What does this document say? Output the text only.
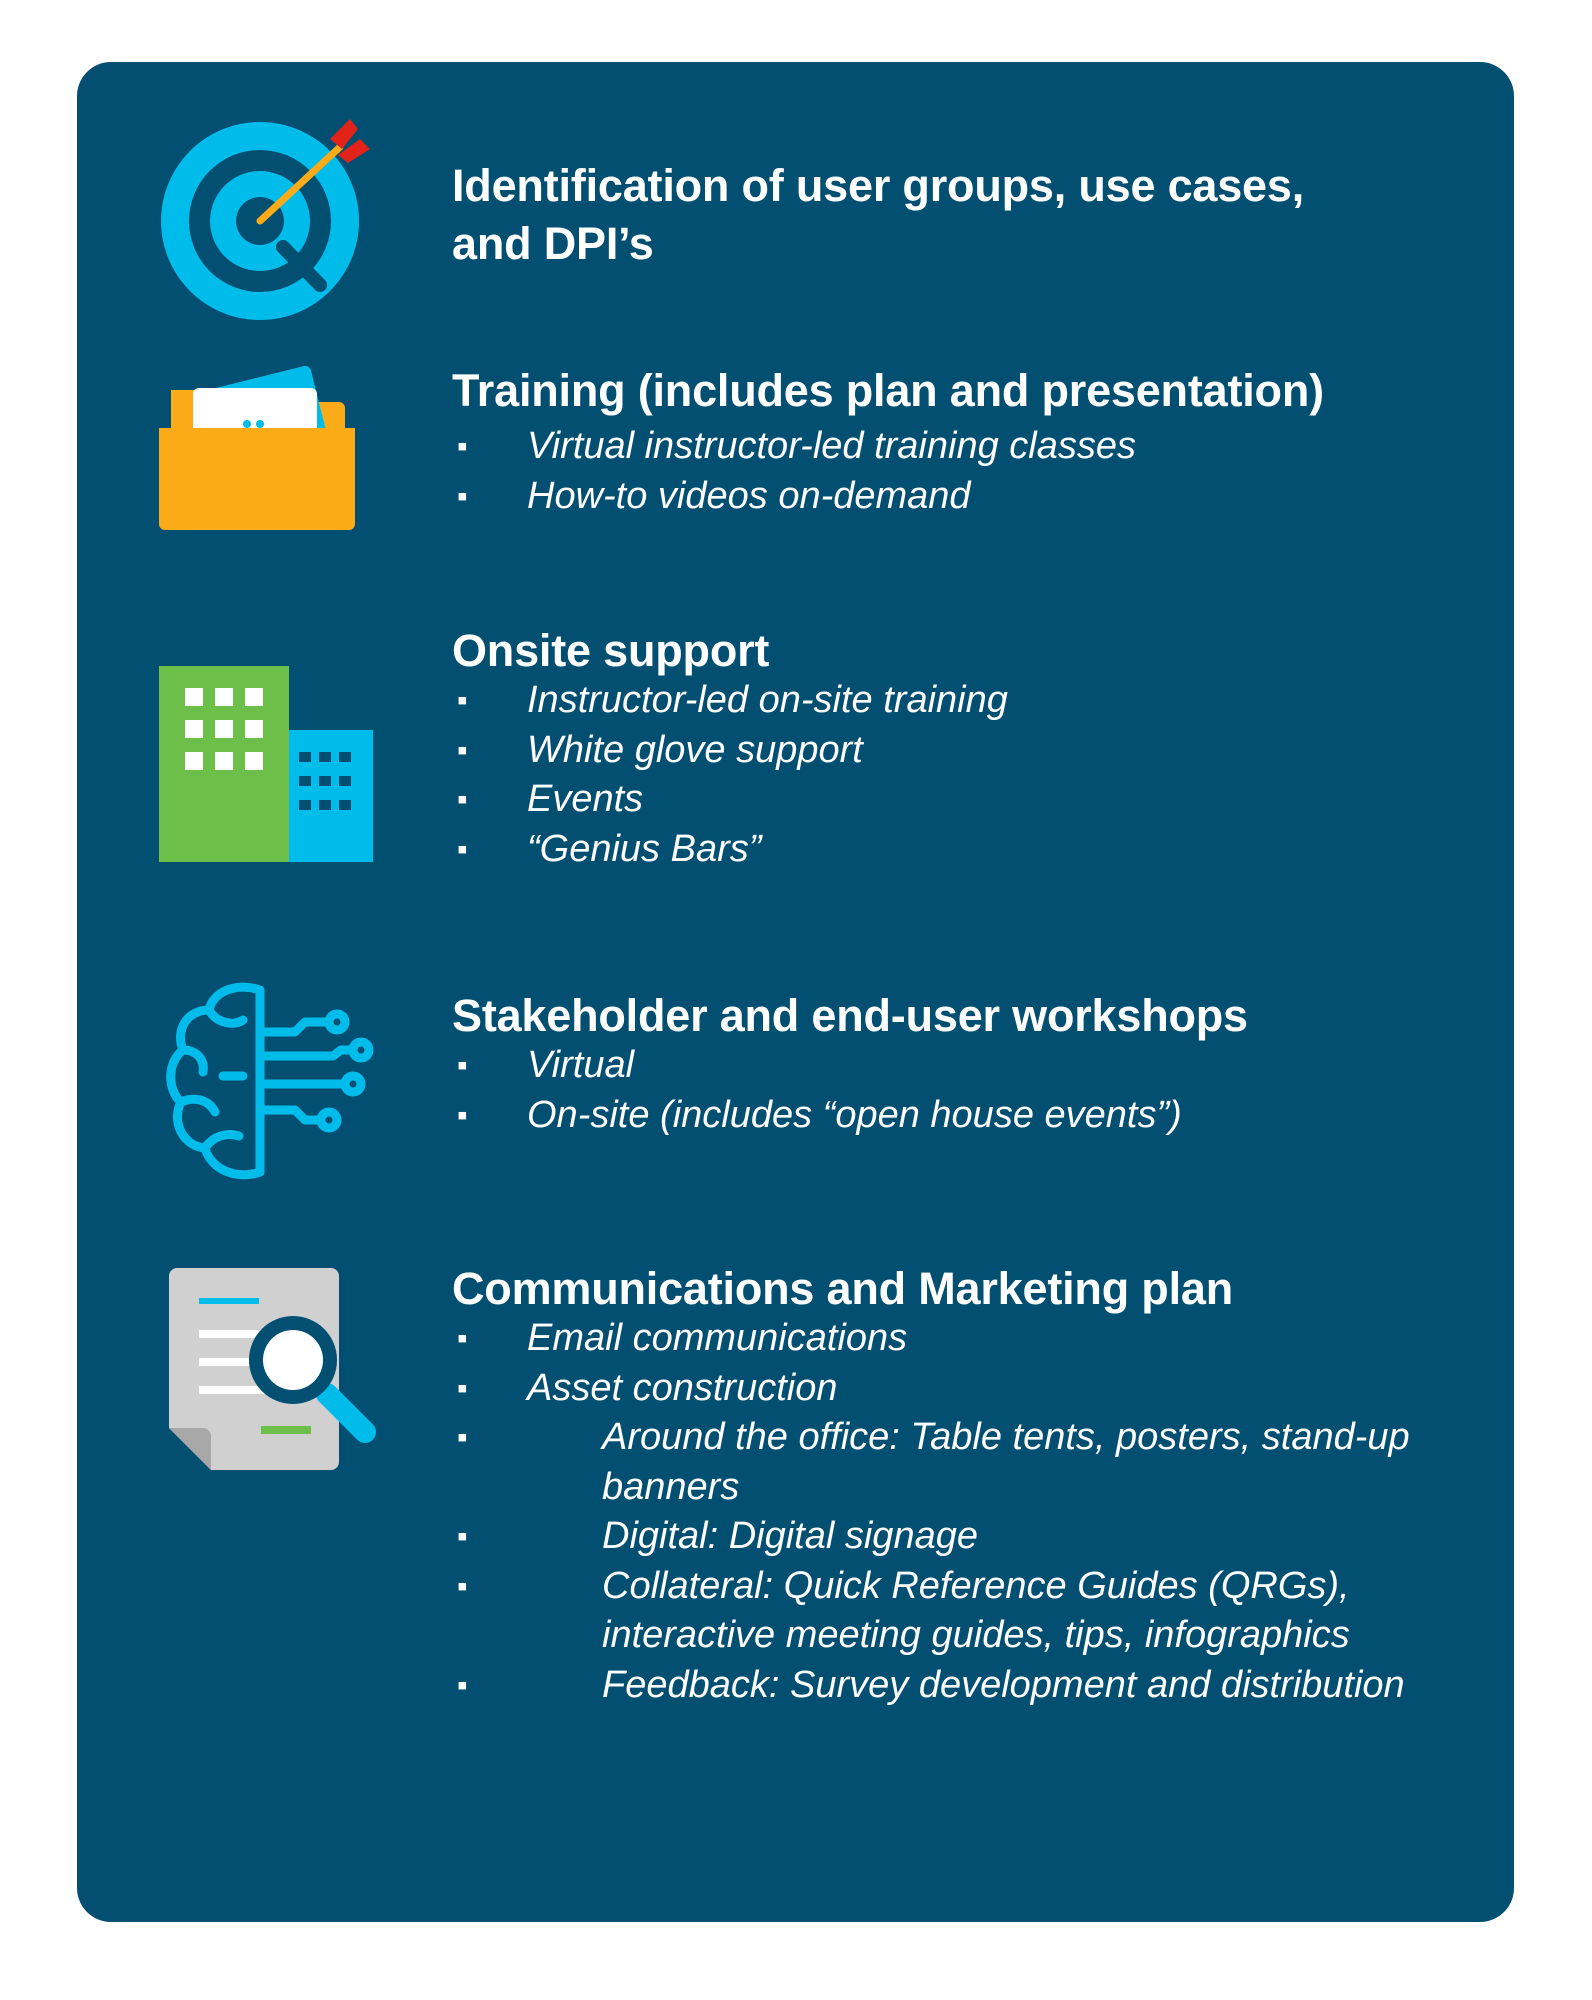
Identification of user groups, use cases, and DPI’s
Training (includes plan and presentation)
▪	Virtual instructor-led training classes
▪	How-to videos on-demand
Onsite support
▪	Instructor-led on-site training
▪	White glove support
▪	Events
▪	“Genius Bars”
Stakeholder and end-user workshops
▪	Virtual
▪	On-site (includes “open house events”)
Communications and Marketing plan
▪	Email communications
▪	Asset construction
▪	Around the office: Table tents, posters, stand-up banners
▪	Digital: Digital signage
▪	Collateral: Quick Reference Guides (QRGs), interactive meeting guides, tips, infographics
▪	Feedback: Survey development and distribution
